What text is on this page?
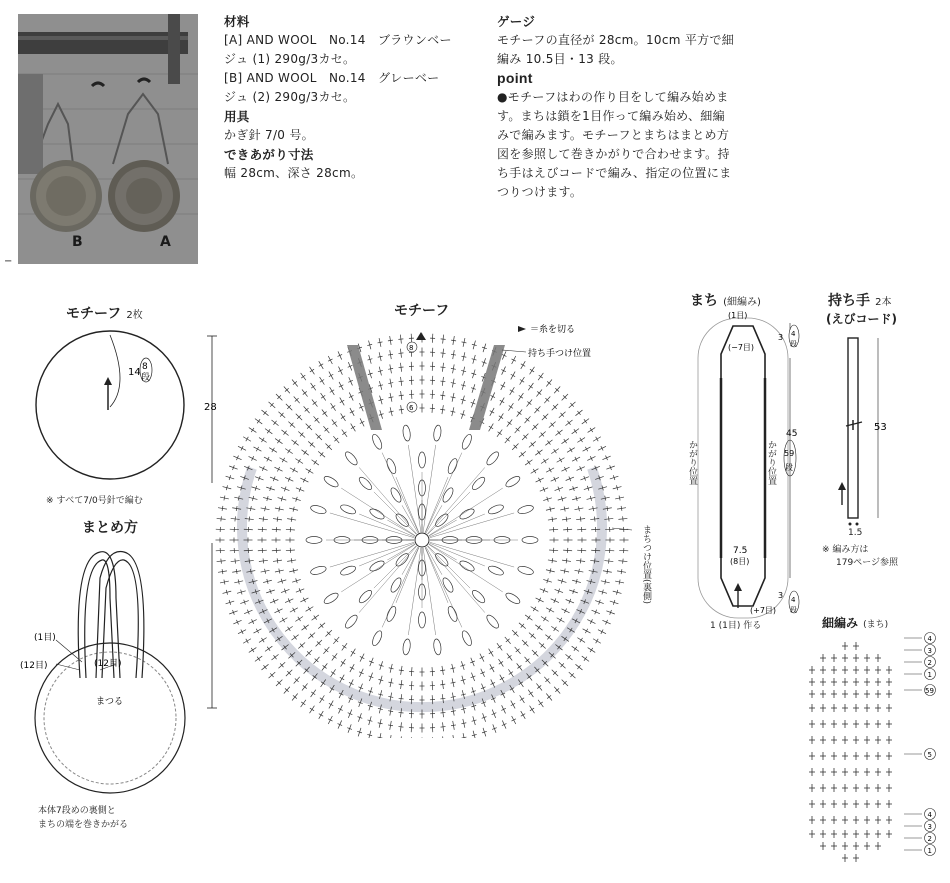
B	A
−
材料
[A] AND WOOL　No.14　ブラウンベー
ジュ (1) 290g/3カセ。
[B] AND WOOL　No.14　グレーベー
ジュ (2) 290g/3カセ。
用具
かぎ針 7/0 号。
できあがり寸法
幅 28cm、深さ 28cm。
ゲージ
モチーフの直径が 28cm。10cm 平方で細
編み 10.5目・13 段。
point
●モチーフはわの作り目をして編み始めま
す。まちは鎖を1目作って編み始め、細編
みで編みます。モチーフとまちはまとめ方
図を参照して巻きかがりで合わせます。持
ち手はえびコードで編み、指定の位置にま
つりつけます。
モチーフ 2枚
14 8
段
※ すべて7/0号針で編む
まとめ方
(1目)
(12目)	(12目)
まつる
本体7段めの裏側と
まちの端を巻きかがる
モチーフ
28
8
6
＝糸を切る
持ち手つけ位置
まちつけ位置(裏側)
まち (細編み)
(1目)
(−7目)
3 4
段
45
59
段
7.5
(8目)
(+7目)
3 4
段
かがり位置	かがり位置
1 (1目) 作る
持ち手 2本
(えびコード)
53
1.5
※ 編み方は
179ページ参照
細編み (まち)
4
3
2
1
59
5
4
3
2
1
